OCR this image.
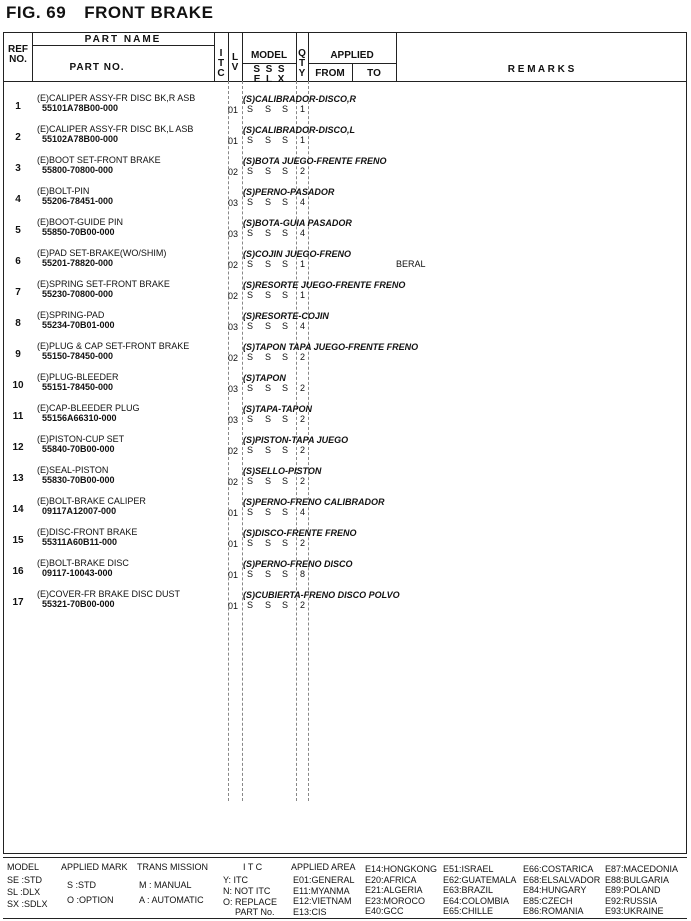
FIG. 69 FRONT BRAKE
REF
NO.
PART NAME
PART NO.
I
T
C
L
V
MODEL
S S S
E L X
Q
T
Y
APPLIED
FROM	TO	R E M A R K S
1
(E)CALIPER ASSY-FR DISC BK,R ASB
55101A78B00-000
(S)CALIBRADOR-DISCO,R
01 S S S 1
2
(E)CALIPER ASSY-FR DISC BK,L ASB
55102A78B00-000
(S)CALIBRADOR-DISCO,L
01 S S S 1
3
(E)BOOT SET-FRONT BRAKE
55800-70800-000
(S)BOTA JUEGO-FRENTE FRENO
02 S S S 2
4
(E)BOLT-PIN
55206-78451-000
(S)PERNO-PASADOR
03 S S S 4
5
(E)BOOT-GUIDE PIN
55850-70B00-000
(S)BOTA-GUIA PASADOR
03 S S S 4
6
(E)PAD SET-BRAKE(WO/SHIM)
55201-78820-000
(S)COJIN JUEGO-FRENO
02 S S S 1	BERAL
7
(E)SPRING SET-FRONT BRAKE
55230-70800-000
(S)RESORTE JUEGO-FRENTE FRENO
02 S S S 1
8
(E)SPRING-PAD
55234-70B01-000
(S)RESORTE-COJIN
03 S S S 4
9
(E)PLUG & CAP SET-FRONT BRAKE
55150-78450-000
(S)TAPON TAPA JUEGO-FRENTE FRENO
02 S S S 2
10
(E)PLUG-BLEEDER
55151-78450-000
(S)TAPON
03 S S S 2
11
(E)CAP-BLEEDER PLUG
55156A66310-000
(S)TAPA-TAPON
03 S S S 2
12
(E)PISTON-CUP SET
55840-70B00-000
(S)PISTON-TAPA JUEGO
02 S S S 2
13
(E)SEAL-PISTON
55830-70B00-000
(S)SELLO-PISTON
02 S S S 2
14
(E)BOLT-BRAKE CALIPER
09117A12007-000
(S)PERNO-FRENO CALIBRADOR
01 S S S 4
15
(E)DISC-FRONT BRAKE
55311A60B11-000
(S)DISCO-FRENTE FRENO
01 S S S 2
16
(E)BOLT-BRAKE DISC
09117-10043-000
(S)PERNO-FRENO DISCO
01 S S S 8
17
(E)COVER-FR BRAKE DISC DUST
55321-70B00-000
(S)CUBIERTA-FRENO DISCO POLVO
01 S S S 2
MODEL
SE :STD
SL :DLX
SX :SDLX
APPLIED MARK
S :STD
O :OPTION
TRANS MISSION
M : MANUAL
A : AUTOMATIC
I T C
Y: ITC
N: NOT ITC
O: REPLACE
PART No.
APPLIED AREA
E01:GENERAL
E11:MYANMA
E12:VIETNAM
E13:CIS
E14:HONGKONG
E20:AFRICA
E21:ALGERIA
E23:MOROCO
E40:GCC
E51:ISRAEL
E62:GUATEMALA
E63:BRAZIL
E64:COLOMBIA
E65:CHILLE
E66:COSTARICA
E68:ELSALVADOR
E84:HUNGARY
E85:CZECH
E86:ROMANIA
E87:MACEDONIA
E88:BULGARIA
E89:POLAND
E92:RUSSIA
E93:UKRAINE
